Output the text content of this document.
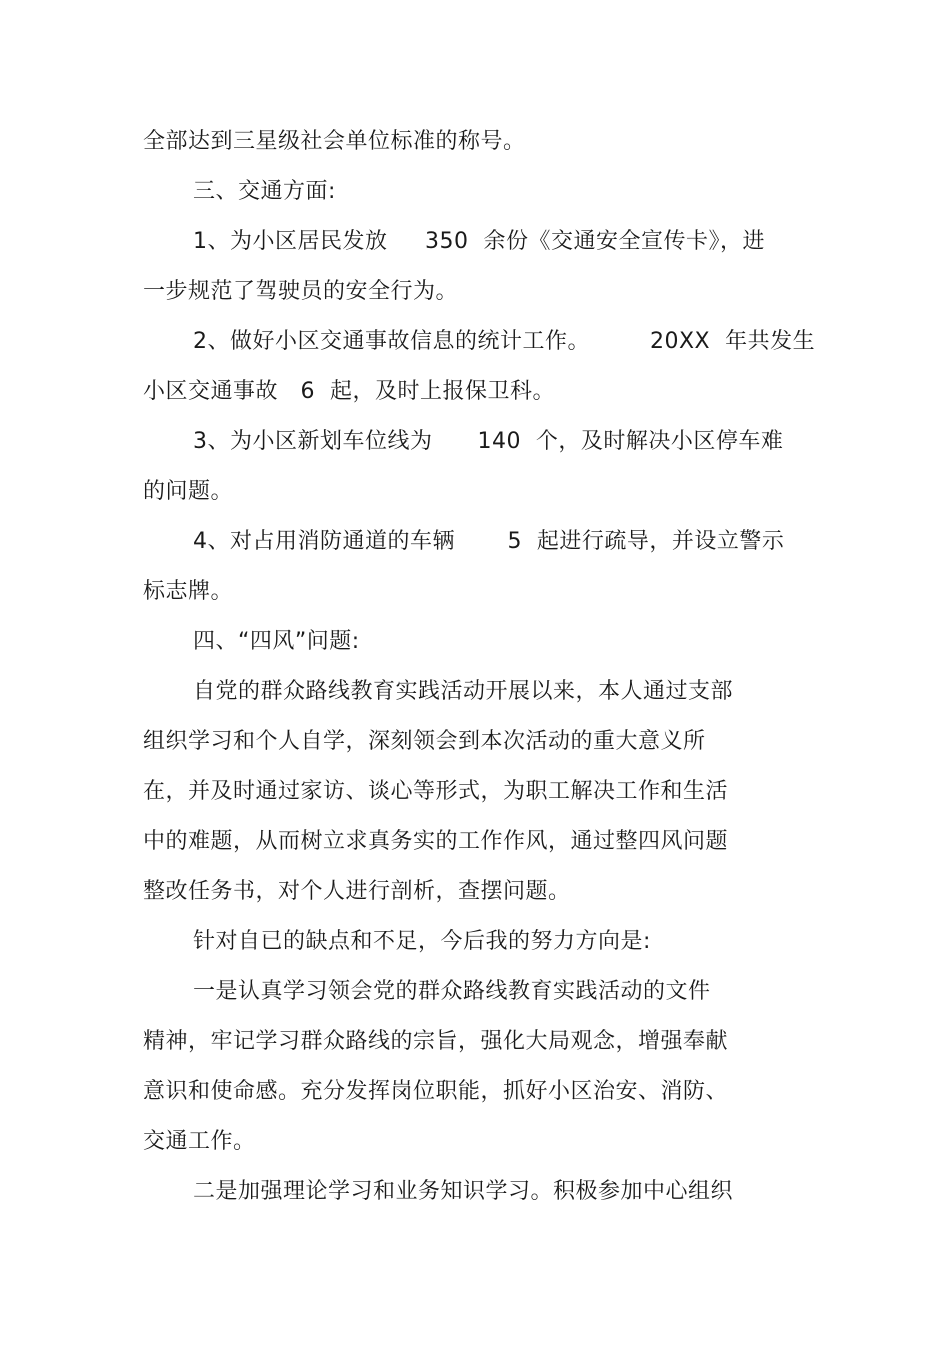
全部达到三星级社会单位标准的称号。
三、交通方面:
1、为小区居民发放     350  余份《交通安全宣传卡》，进
一步规范了驾驶员的安全行为。
2、做好小区交通事故信息的统计工作。        20XX  年共发生
小区交通事故   6  起，及时上报保卫科。
3、为小区新划车位线为      140  个，及时解决小区停车难
的问题。
4、对占用消防通道的车辆       5  起进行疏导，并设立警示
标志牌。
四、“四风”问题:
自党的群众路线教育实践活动开展以来，本人通过支部
组织学习和个人自学，深刻领会到本次活动的重大意义所
在，并及时通过家访、谈心等形式，为职工解决工作和生活
中的难题，从而树立求真务实的工作作风，通过整四风问题
整改任务书，对个人进行剖析，查摆问题。
针对自已的缺点和不足，今后我的努力方向是:
一是认真学习领会党的群众路线教育实践活动的文件
精神，牢记学习群众路线的宗旨，强化大局观念，增强奉献
意识和使命感。充分发挥岗位职能，抓好小区治安、消防、
交通工作。
二是加强理论学习和业务知识学习。积极参加中心组织
